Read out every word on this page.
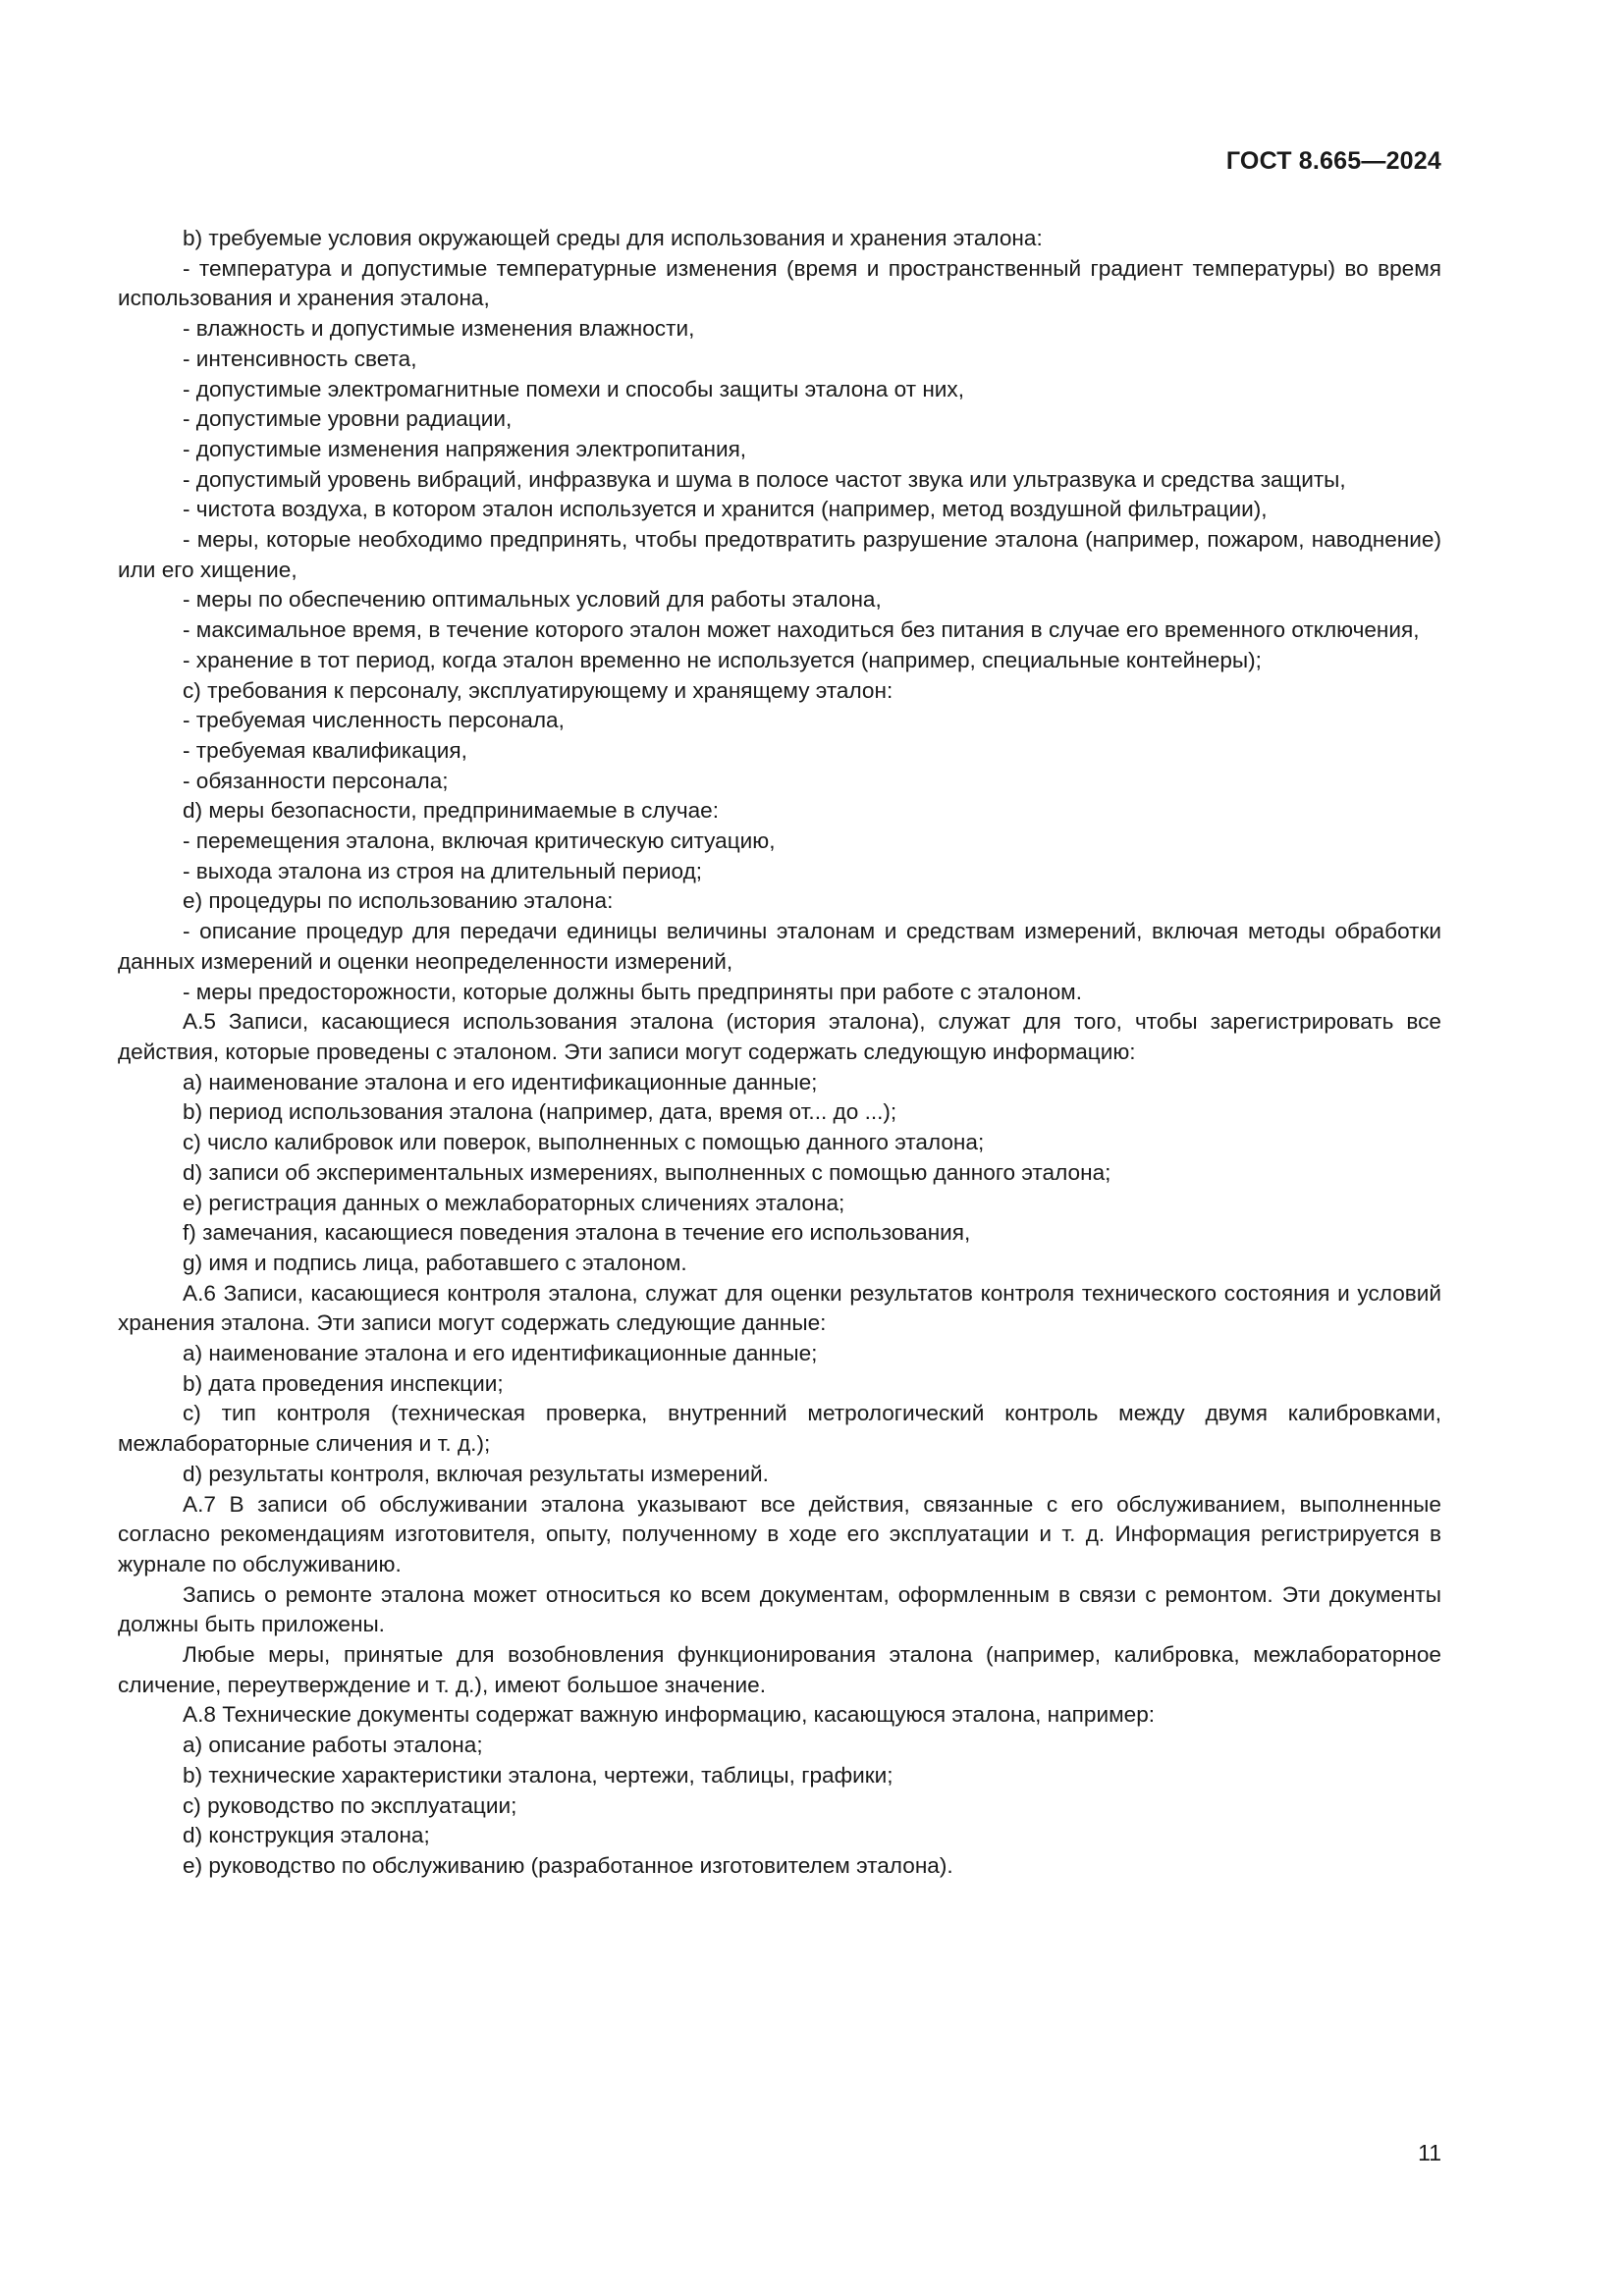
ГОСТ 8.665—2024

b) требуемые условия окружающей среды для использования и хранения эталона:

- температура и допустимые температурные изменения (время и пространственный градиент температуры) во время использования и хранения эталона,

- влажность и допустимые изменения влажности,

- интенсивность света,

- допустимые электромагнитные помехи и способы защиты эталона от них,

- допустимые уровни радиации,

- допустимые изменения напряжения электропитания,

- допустимый уровень вибраций, инфразвука и шума в полосе частот звука или ультразвука и средства защиты,

- чистота воздуха, в котором эталон используется и хранится (например, метод воздушной фильтрации),

- меры, которые необходимо предпринять, чтобы предотвратить разрушение эталона (например, пожаром, наводнение) или его хищение,

- меры по обеспечению оптимальных условий для работы эталона,

- максимальное время, в течение которого эталон может находиться без питания в случае его временного отключения,

- хранение в тот период, когда эталон временно не используется (например, специальные контейнеры);

c) требования к персоналу, эксплуатирующему и хранящему эталон:

- требуемая численность персонала,

- требуемая квалификация,

- обязанности персонала;

d) меры безопасности, предпринимаемые в случае:

- перемещения эталона, включая критическую ситуацию,

- выхода эталона из строя на длительный период;

e) процедуры по использованию эталона:

- описание процедур для передачи единицы величины эталонам и средствам измерений, включая методы обработки данных измерений и оценки неопределенности измерений,

- меры предосторожности, которые должны быть предприняты при работе с эталоном.

А.5 Записи, касающиеся использования эталона (история эталона), служат для того, чтобы зарегистрировать все действия, которые проведены с эталоном. Эти записи могут содержать следующую информацию:

a) наименование эталона и его идентификационные данные;

b) период использования эталона (например, дата, время от... до ...);

c) число калибровок или поверок, выполненных с помощью данного эталона;

d) записи об экспериментальных измерениях, выполненных с помощью данного эталона;

e) регистрация данных о межлабораторных сличениях эталона;

f) замечания, касающиеся поведения эталона в течение его использования,

g) имя и подпись лица, работавшего с эталоном.

А.6 Записи, касающиеся контроля эталона, служат для оценки результатов контроля технического состояния и условий хранения эталона. Эти записи могут содержать следующие данные:

a) наименование эталона и его идентификационные данные;

b) дата проведения инспекции;

c) тип контроля (техническая проверка, внутренний метрологический контроль между двумя калибровками, межлабораторные сличения и т. д.);

d) результаты контроля, включая результаты измерений.

А.7 В записи об обслуживании эталона указывают все действия, связанные с его обслуживанием, выполненные согласно рекомендациям изготовителя, опыту, полученному в ходе его эксплуатации и т. д. Информация регистрируется в журнале по обслуживанию.

Запись о ремонте эталона может относиться ко всем документам, оформленным в связи с ремонтом. Эти документы должны быть приложены.

Любые меры, принятые для возобновления функционирования эталона (например, калибровка, межлабораторное сличение, переутверждение и т. д.), имеют большое значение.

А.8 Технические документы содержат важную информацию, касающуюся эталона, например:

a) описание работы эталона;

b) технические характеристики эталона, чертежи, таблицы, графики;

c) руководство по эксплуатации;

d) конструкция эталона;

e) руководство по обслуживанию (разработанное изготовителем эталона).

11
